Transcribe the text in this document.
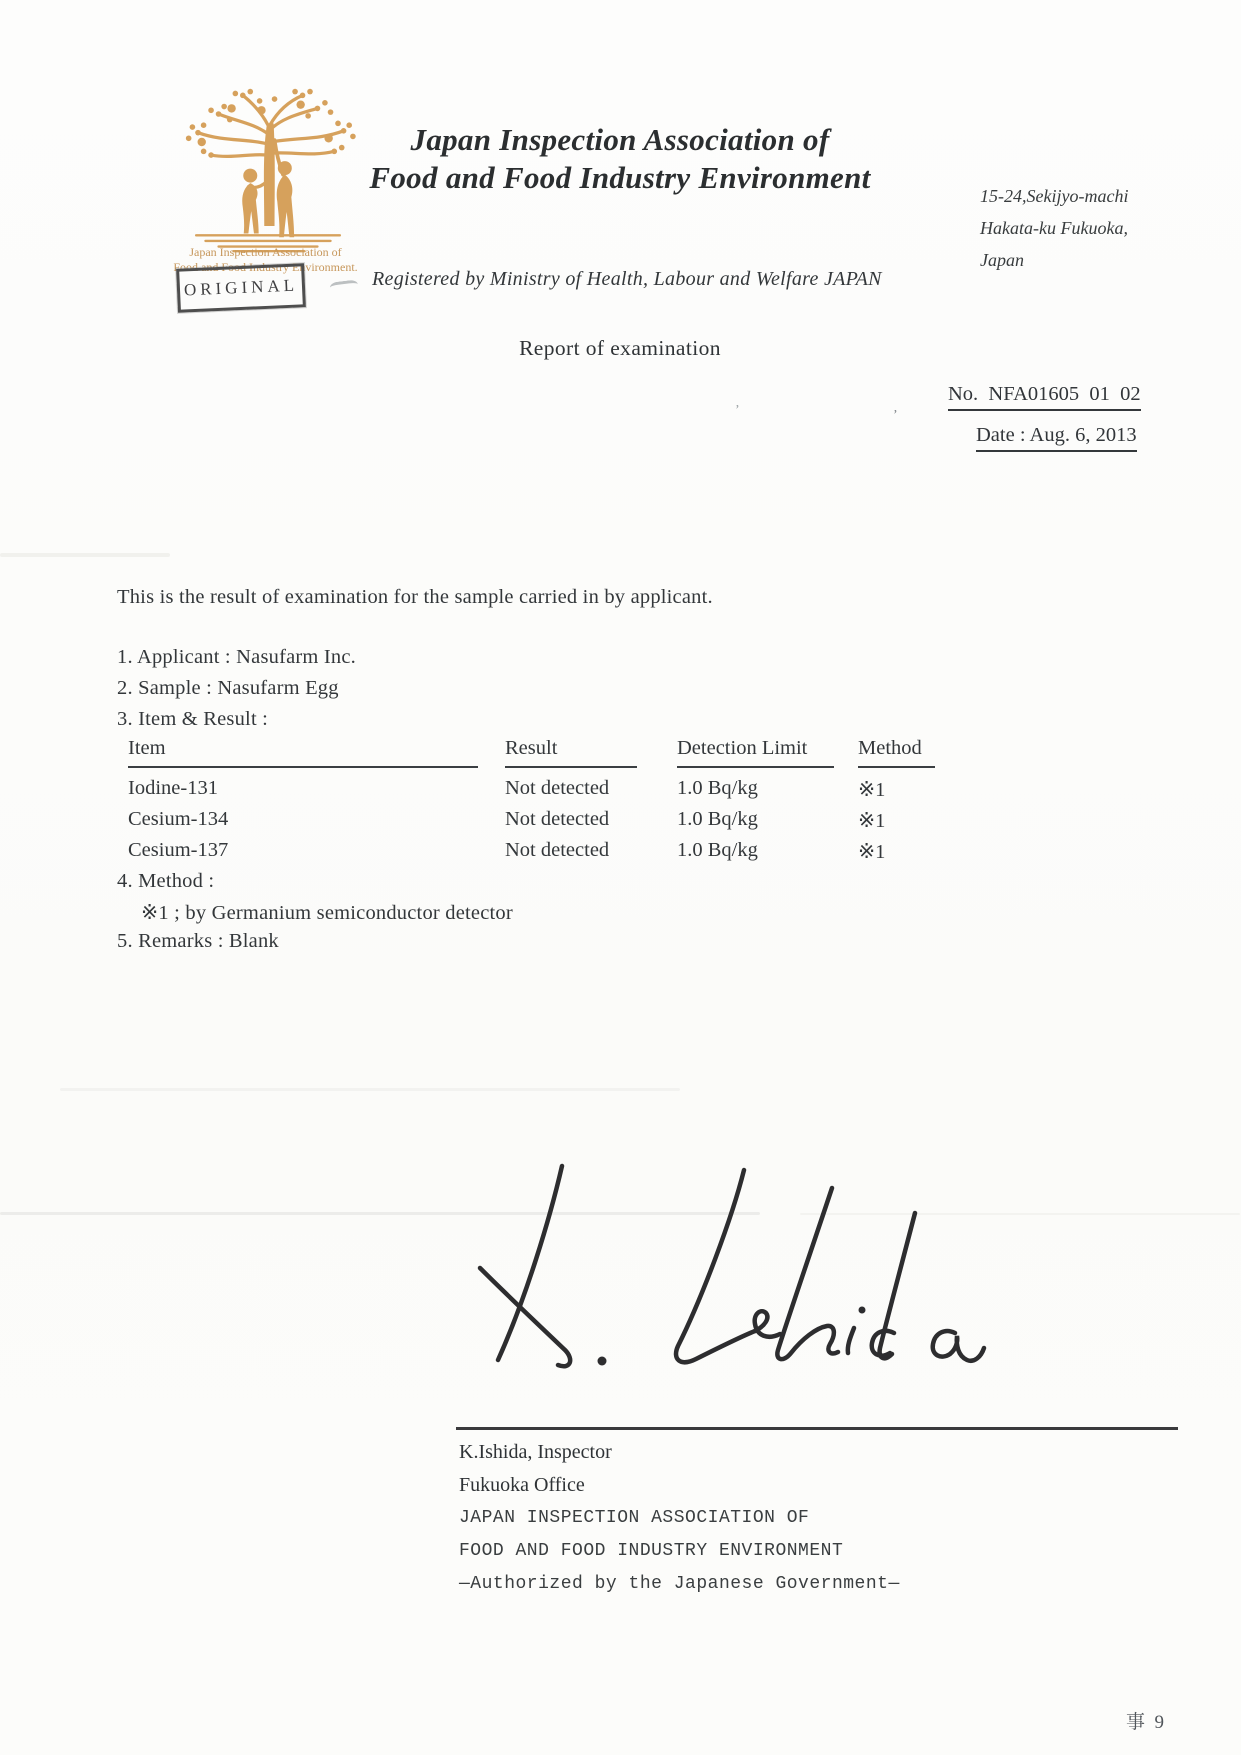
Japan Inspection Association of
Food and Food Industry Environment.
Japan Inspection Association of
Food and Food Industry Environment
15-24,Sekijyo-machi
Hakata-ku Fukuoka,
Japan
Registered by Ministry of Health, Labour and Welfare JAPAN
ORIGINAL
Report of examination
No.  NFA01605  01  02
Date : Aug. 6, 2013
’	’
This is the result of examination for the sample carried in by applicant.
1. Applicant : Nasufarm Inc.
2. Sample : Nasufarm Egg
3. Item & Result :
Item	Result	Detection Limit	Method
Iodine-131	Not detected	1.0 Bq/kg	※1
Cesium-134	Not detected	1.0 Bq/kg	※1
Cesium-137	Not detected	1.0 Bq/kg	※1
4. Method :
※1 ; by Germanium semiconductor detector
5. Remarks : Blank
K.Ishida, Inspector
Fukuoka Office
JAPAN INSPECTION ASSOCIATION OF
FOOD AND FOOD INDUSTRY ENVIRONMENT
—Authorized by the Japanese Government—
事  9
